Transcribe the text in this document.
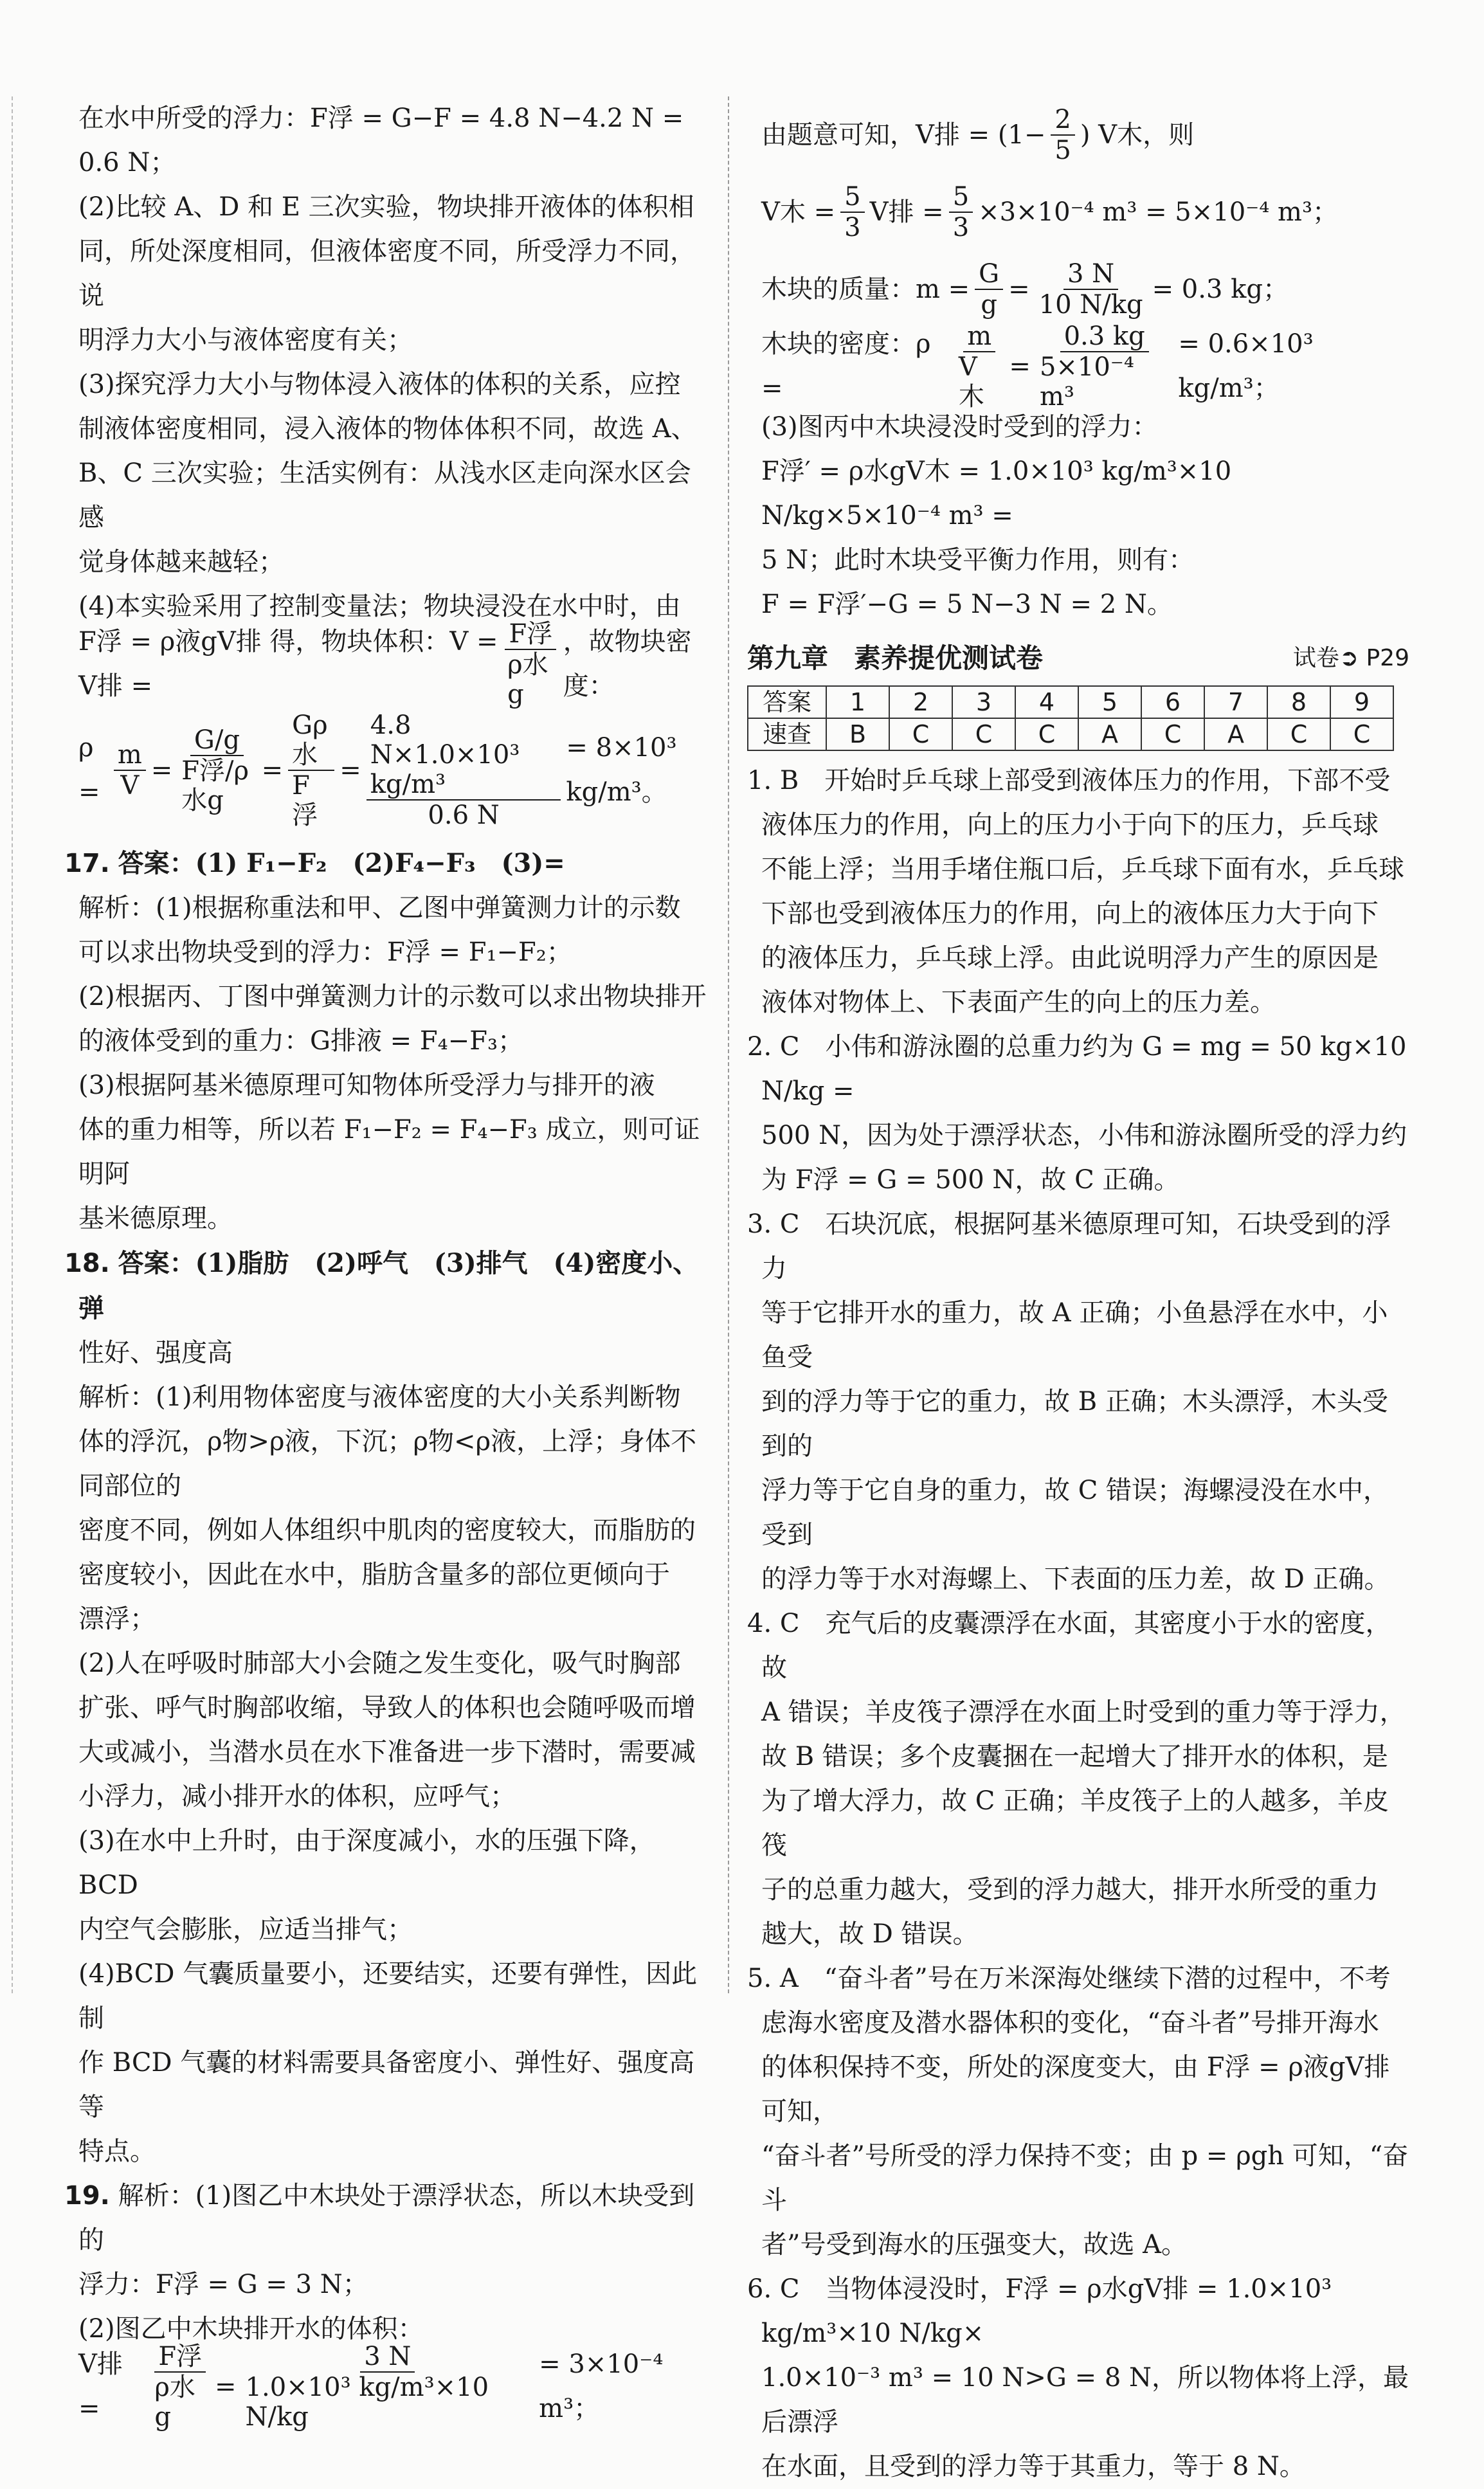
在水中所受的浮力：F浮 = G−F = 4.8 N−4.2 N = 0.6 N；

(2)比较 A、D 和 E 三次实验，物块排开液体的体积相

同，所处深度相同，但液体密度不同，所受浮力不同，说

明浮力大小与液体密度有关；

(3)探究浮力大小与物体浸入液体的体积的关系，应控

制液体密度相同，浸入液体的物体体积不同，故选 A、

B、C 三次实验；生活实例有：从浅水区走向深水区会感

觉身体越来越轻；

(4)本实验采用了控制变量法；物块浸没在水中时，由

F浮 = ρ液gV排 得，物块体积：V = V排 =	$\frac{\text{F浮}}{\text{ρ水g}}$ ，故物块密度：
$\rho = \frac{m}{V} = \frac{G/g}{\text{F浮/ρ水g}} = \frac{\text{Gρ水}}{\text{F浮}} = \frac{\text{4.8 N×1.0×10³ kg/m³}}{0.6 N} = 8\times 10^3$ kg/m³。

17. 答案：(1) F₁−F₂　(2)F₄−F₃　(3)=

解析：(1)根据称重法和甲、乙图中弹簧测力计的示数

可以求出物块受到的浮力：F浮 = F₁−F₂；

(2)根据丙、丁图中弹簧测力计的示数可以求出物块排开

的液体受到的重力：G排液 = F₄−F₃；

(3)根据阿基米德原理可知物体所受浮力与排开的液

体的重力相等，所以若 F₁−F₂ = F₄−F₃ 成立，则可证明阿

基米德原理。

18. 答案：(1)脂肪　(2)呼气　(3)排气　(4)密度小、弹

性好、强度高

解析：(1)利用物体密度与液体密度的大小关系判断物

体的浮沉，ρ物>ρ液，下沉；ρ物<ρ液，上浮；身体不同部位的

密度不同，例如人体组织中肌肉的密度较大，而脂肪的

密度较小，因此在水中，脂肪含量多的部位更倾向于

漂浮；

(2)人在呼吸时肺部大小会随之发生变化，吸气时胸部

扩张、呼气时胸部收缩，导致人的体积也会随呼吸而增

大或减小，当潜水员在水下准备进一步下潜时，需要减

小浮力，减小排开水的体积，应呼气；

(3)在水中上升时，由于深度减小，水的压强下降，BCD

内空气会膨胀，应适当排气；

(4)BCD 气囊质量要小，还要结实，还要有弹性，因此制

作 BCD 气囊的材料需要具备密度小、弹性好、强度高等

特点。

19. 解析：(1)图乙中木块处于漂浮状态，所以木块受到的

浮力：F浮 = G = 3 N；

(2)图乙中木块排开水的体积：

V排 =	$\frac{\text{F浮}}{\text{ρ水g}} = \frac{3 N}{\text{1.0×10³ kg/m³×10 N/kg}} = 3\times 10^{-4}$ m³；
由题意可知，V排 = ($1- \frac{2}{5}$ ) V木，则
V木 = $\frac{5}{3}$ V排 = $\frac{5}{3} \times 3\times 10^{-4}$ m³ = 5×10⁻⁴ m³；
木块的质量：$m = \frac{G}{g} = \frac{3 N}{10 N/kg} = 0.3$ kg；
木块的密度：ρ =	$\frac{m}{\text{V木}} = \frac{0.3 kg}{\text{5×10⁻⁴ m³}} = 0.6\times 10^3$ kg/m³；

(3)图丙中木块浸没时受到的浮力：

F浮′ = ρ水gV木 = 1.0×10³ kg/m³×10 N/kg×5×10⁻⁴ m³ =

5 N；此时木块受平衡力作用，则有：

F = F浮′−G = 5 N−3 N = 2 N。

第九章 素养提优测试卷	试卷➲ P29
答案	1	2	3	4	5	6	7	8	9
速查	B	C	C	C	A	C	A	C	C

1. B　开始时乒乓球上部受到液体压力的作用，下部不受

液体压力的作用，向上的压力小于向下的压力，乒乓球

不能上浮；当用手堵住瓶口后，乒乓球下面有水，乒乓球

下部也受到液体压力的作用，向上的液体压力大于向下

的液体压力，乒乓球上浮。由此说明浮力产生的原因是

液体对物体上、下表面产生的向上的压力差。

2. C　小伟和游泳圈的总重力约为 G = mg = 50 kg×10 N/kg =

500 N，因为处于漂浮状态，小伟和游泳圈所受的浮力约

为 F浮 = G = 500 N，故 C 正确。

3. C　石块沉底，根据阿基米德原理可知，石块受到的浮力

等于它排开水的重力，故 A 正确；小鱼悬浮在水中，小鱼受

到的浮力等于它的重力，故 B 正确；木头漂浮，木头受到的

浮力等于它自身的重力，故 C 错误；海螺浸没在水中，受到

的浮力等于水对海螺上、下表面的压力差，故 D 正确。

4. C　充气后的皮囊漂浮在水面，其密度小于水的密度，故

A 错误；羊皮筏子漂浮在水面上时受到的重力等于浮力，

故 B 错误；多个皮囊捆在一起增大了排开水的体积，是

为了增大浮力，故 C 正确；羊皮筏子上的人越多，羊皮筏

子的总重力越大，受到的浮力越大，排开水所受的重力

越大，故 D 错误。

5. A　“奋斗者”号在万米深海处继续下潜的过程中，不考

虑海水密度及潜水器体积的变化，“奋斗者”号排开海水

的体积保持不变，所处的深度变大，由 F浮 = ρ液gV排 可知，

“奋斗者”号所受的浮力保持不变；由 p = ρgh 可知，“奋斗

者”号受到海水的压强变大，故选 A。

6. C　当物体浸没时，F浮 = ρ水gV排 = 1.0×10³ kg/m³×10 N/kg×

1.0×10⁻³ m³ = 10 N>G = 8 N，所以物体将上浮，最后漂浮

在水面，且受到的浮力等于其重力，等于 8 N。
